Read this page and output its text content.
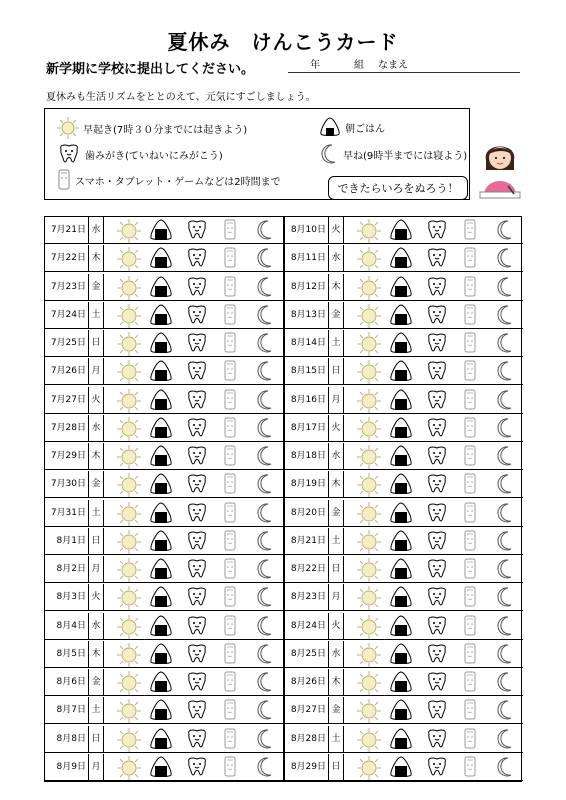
夏休み　けんこうカード
新学期に学校に提出してください。	年	組 なまえ
夏休みも生活リズムをととのえて、元気にすごしましょう。
早起き(7時３０分までには起きよう)	朝ごはん
歯みがき(ていねいにみがこう)	早ね(9時半までには寝よう)
スマホ・タブレット・ゲームなどは2時間まで	できたらいろをぬろう！
7月21日 水
7月22日 木
7月23日 金
7月24日 土
7月25日 日
7月26日 月
7月27日 火
7月28日 水
7月29日 木
7月30日 金
7月31日 土
8月1日 日
8月2日 月
8月3日 火
8月4日 水
8月5日 木
8月6日 金
8月7日 土
8月8日 日
8月9日 月
8月10日 火
8月11日 水
8月12日 木
8月13日 金
8月14日 土
8月15日 日
8月16日 月
8月17日 火
8月18日 水
8月19日 木
8月20日 金
8月21日 土
8月22日 日
8月23日 月
8月24日 火
8月25日 水
8月26日 木
8月27日 金
8月28日 土
8月29日 日
